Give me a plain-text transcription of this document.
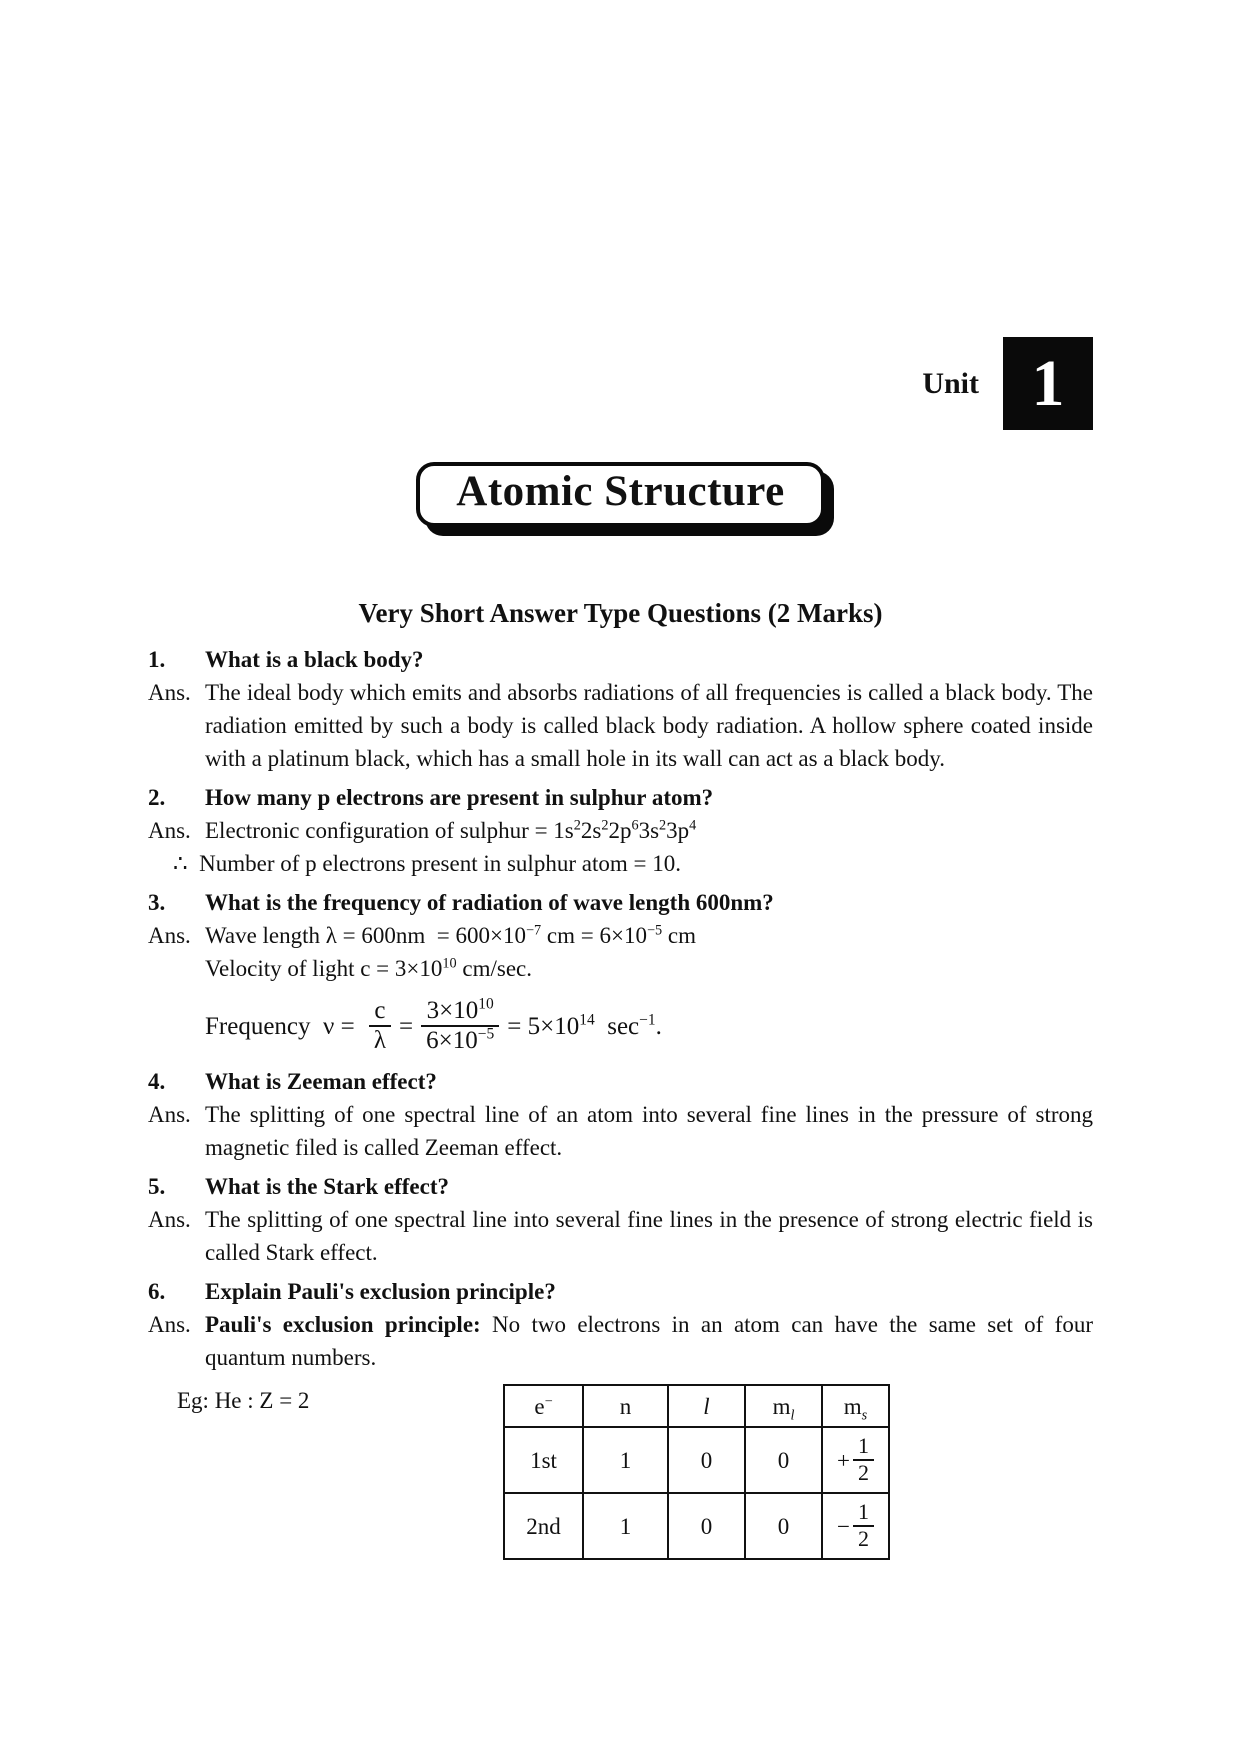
Unit 1
Atomic Structure
Very Short Answer Type Questions (2 Marks)
1.	What is a black body?
Ans. The ideal body which emits and absorbs radiations of all frequencies is called a black body. The radiation emitted by such a body is called black body radiation. A hollow sphere coated inside with a platinum black, which has a small hole in its wall can act as a black body.
2.	How many p electrons are present in sulphur atom?
Ans. Electronic configuration of sulphur = $1s^22s^22p^63s^23p^4$
∴  Number of p electrons present in sulphur atom = 10.
3.	What is the frequency of radiation of wave length 600nm?
Ans. Wave length $\lambda = 600nm = 600\times 10^{-7}$ cm = $6\times 10^{-5}$ cm
Velocity of light $c = 3\times 10^{10}$ cm/sec.
Frequency  $\nu = \frac{c}{\lambda} = \frac{3\times 10^{10}}{6\times 10^{-5}} = 5\times 10^{14}$  $\sec^{-1}$.
4.	What is Zeeman effect?
Ans. The splitting of one spectral line of an atom into several fine lines in the pressure of strong magnetic filed is called Zeeman effect.
5.	What is the Stark effect?
Ans. The splitting of one spectral line into several fine lines in the presence of strong electric field is called Stark effect.
6.	Explain Pauli's exclusion principle?
Ans. Pauli's exclusion principle: No two electrons in an atom can have the same set of four quantum numbers.
Eg: He : Z = 2	e−	n	l	$m_l$	$m_s$
1st	1	0	0	+ $\frac{1}{2}$

2nd	1	0	0	− $\frac{1}{2}$
